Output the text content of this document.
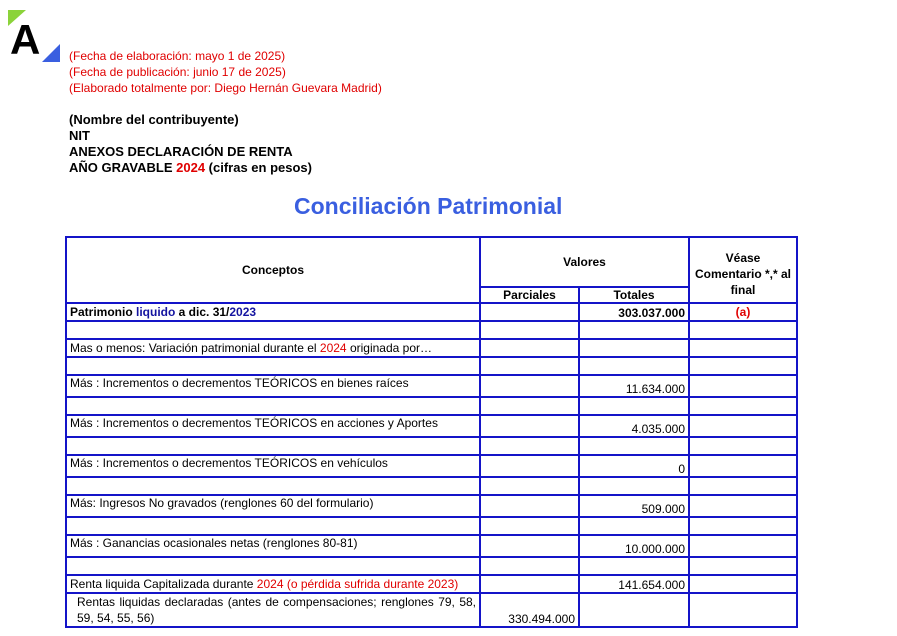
A (Fecha de elaboración: mayo 1 de 2025)
(Fecha de publicación: junio 17 de 2025)
(Elaborado totalmente por: Diego Hernán Guevara Madrid)
(Nombre del contribuyente)
NIT
ANEXOS DECLARACIÓN DE RENTA
AÑO GRAVABLE 2024 (cifras en pesos)
Conciliación Patrimonial
Conceptos	Valores		Véase Comentario *,* al final
	Parciales	Totales	
Patrimonio liquido a dic. 31/2023		303.037.000	(a)

Mas o menos: Variación patrimonial durante el 2024 originada por…			

Más : Incrementos o decrementos TEÓRICOS en bienes raíces		11.634.000	

Más : Incrementos o decrementos TEÓRICOS en acciones y Aportes		4.035.000	

Más : Incrementos o decrementos TEÓRICOS en vehículos		0	

Más: Ingresos No gravados (renglones 60 del formulario)		509.000	

Más : Ganancias ocasionales netas (renglones 80-81)		10.000.000	

Renta liquida Capitalizada durante 2024 (o pérdida sufrida durante 2023)		141.654.000	
Rentas liquidas declaradas (antes de compensaciones; renglones 79, 58, 59, 54, 55, 56)	330.494.000		
